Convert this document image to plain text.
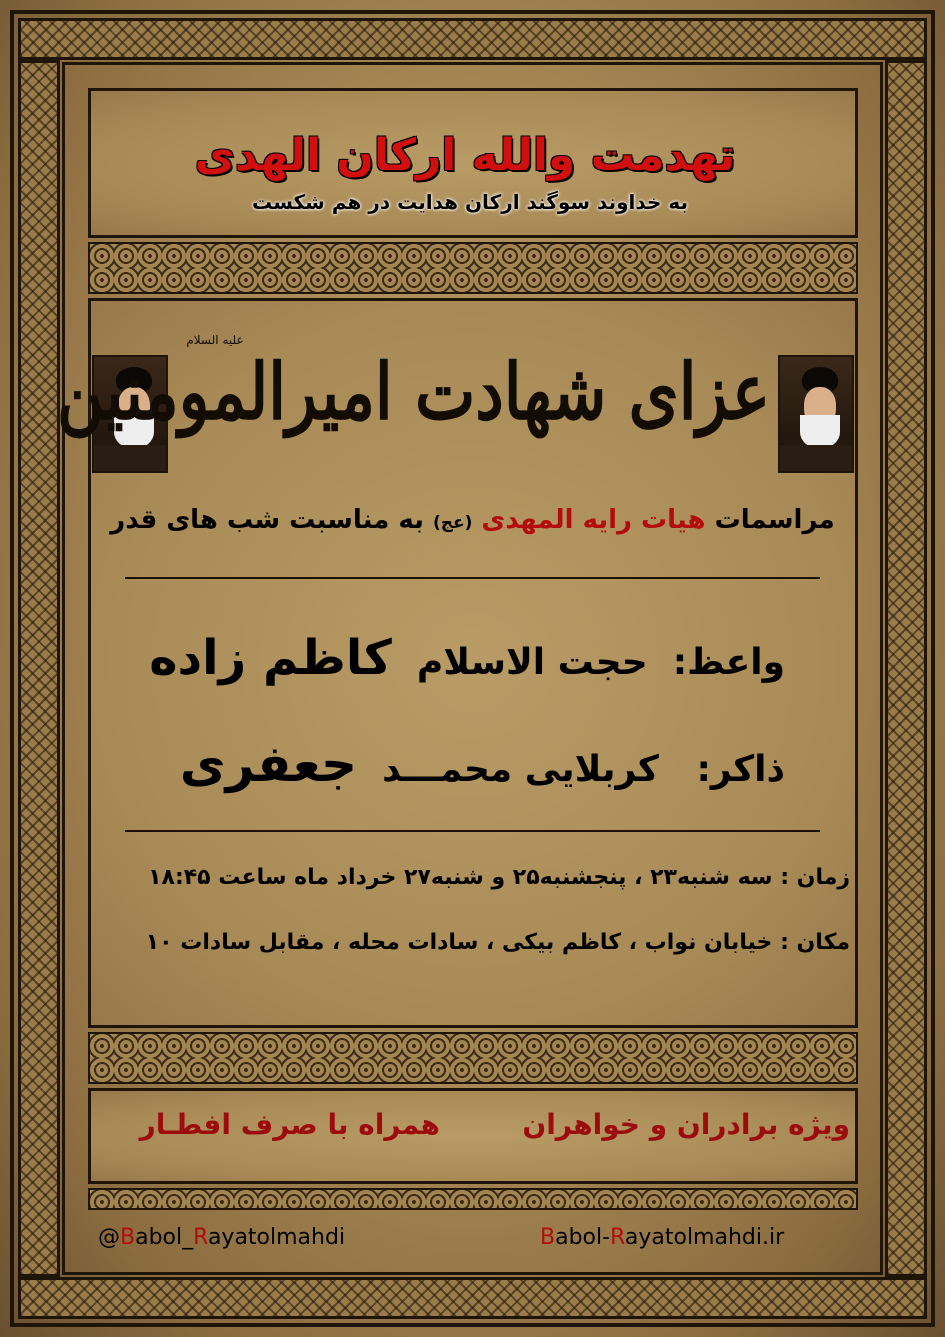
تهدمت والله ارکان الهدی
به خداوند سوگند ارکان هدایت در هم شکست
علیه السلام
عزای شهادت امیرالمومنین
مراسمات هیات رایه المهدی (عج) به مناسبت شب های قدر
واعظ:  حجت الاسلام  کاظم زاده
ذاکر:   کربلایی محمـــد  جعفری
زمان : سه شنبه۲۳ ، پنجشنبه۲۵ و شنبه۲۷ خرداد ماه ساعت ۱۸:۴۵
مکان : خیابان نواب ، کاظم بیکی ، سادات محله ، مقابل سادات ۱۰
ویژه برادران و خواهران
همراه با صرف افطـار
@Babol_Rayatolmahdi	Babol-Rayatolmahdi.ir
